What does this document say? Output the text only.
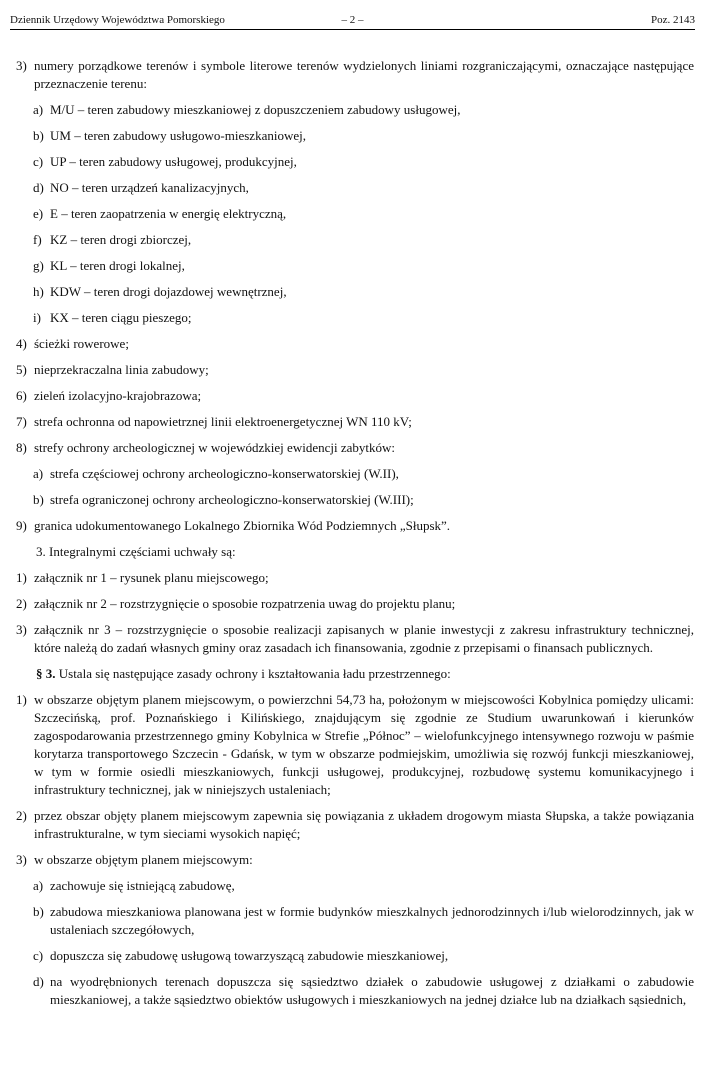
Dziennik Urzędowy Województwa Pomorskiego	– 2 –	Poz. 2143
3) numery porządkowe terenów i symbole literowe terenów wydzielonych liniami rozgraniczającymi, oznaczające następujące przeznaczenie terenu:
a) M/U – teren zabudowy mieszkaniowej z dopuszczeniem zabudowy usługowej,
b) UM – teren zabudowy usługowo-mieszkaniowej,
c) UP – teren zabudowy usługowej, produkcyjnej,
d) NO – teren urządzeń kanalizacyjnych,
e) E – teren zaopatrzenia w energię elektryczną,
f) KZ – teren drogi zbiorczej,
g) KL – teren drogi lokalnej,
h) KDW – teren drogi dojazdowej wewnętrznej,
i) KX – teren ciągu pieszego;
4) ścieżki rowerowe;
5) nieprzekraczalna linia zabudowy;
6) zieleń izolacyjno-krajobrazowa;
7) strefa ochronna od napowietrznej linii elektroenergetycznej WN 110 kV;
8) strefy ochrony archeologicznej w wojewódzkiej ewidencji zabytków:
a) strefa częściowej ochrony archeologiczno-konserwatorskiej (W.II),
b) strefa ograniczonej ochrony archeologiczno-konserwatorskiej (W.III);
9) granica udokumentowanego Lokalnego Zbiornika Wód Podziemnych „Słupsk”.
3. Integralnymi częściami uchwały są:
1) załącznik nr 1 – rysunek planu miejscowego;
2) załącznik nr 2 – rozstrzygnięcie o sposobie rozpatrzenia uwag do projektu planu;
3) załącznik nr 3 – rozstrzygnięcie o sposobie realizacji zapisanych w planie inwestycji z zakresu infrastruktury technicznej, które należą do zadań własnych gminy oraz zasadach ich finansowania, zgodnie z przepisami o finansach publicznych.
§ 3. Ustala się następujące zasady ochrony i kształtowania ładu przestrzennego:
1) w obszarze objętym planem miejscowym, o powierzchni 54,73 ha, położonym w miejscowości Kobylnica pomiędzy ulicami: Szczecińską, prof. Poznańskiego i Kilińskiego, znajdującym się zgodnie ze Studium uwarunkowań i kierunków zagospodarowania przestrzennego gminy Kobylnica w Strefie „Północ” – wielofunkcyjnego intensywnego rozwoju w paśmie korytarza transportowego Szczecin - Gdańsk, w tym w obszarze podmiejskim, umożliwia się rozwój funkcji mieszkaniowej, w tym w formie osiedli mieszkaniowych, funkcji usługowej, produkcyjnej, rozbudowę systemu komunikacyjnego i infrastruktury technicznej, jak w niniejszych ustaleniach;
2) przez obszar objęty planem miejscowym zapewnia się powiązania z układem drogowym miasta Słupska, a także powiązania infrastrukturalne, w tym sieciami wysokich napięć;
3) w obszarze objętym planem miejscowym:
a) zachowuje się istniejącą zabudowę,
b) zabudowa mieszkaniowa planowana jest w formie budynków mieszkalnych jednorodzinnych i/lub wielorodzinnych, jak w ustaleniach szczegółowych,
c) dopuszcza się zabudowę usługową towarzyszącą zabudowie mieszkaniowej,
d) na wyodrębnionych terenach dopuszcza się sąsiedztwo działek o zabudowie usługowej z działkami o zabudowie mieszkaniowej, a także sąsiedztwo obiektów usługowych i mieszkaniowych na jednej działce lub na działkach sąsiednich,
